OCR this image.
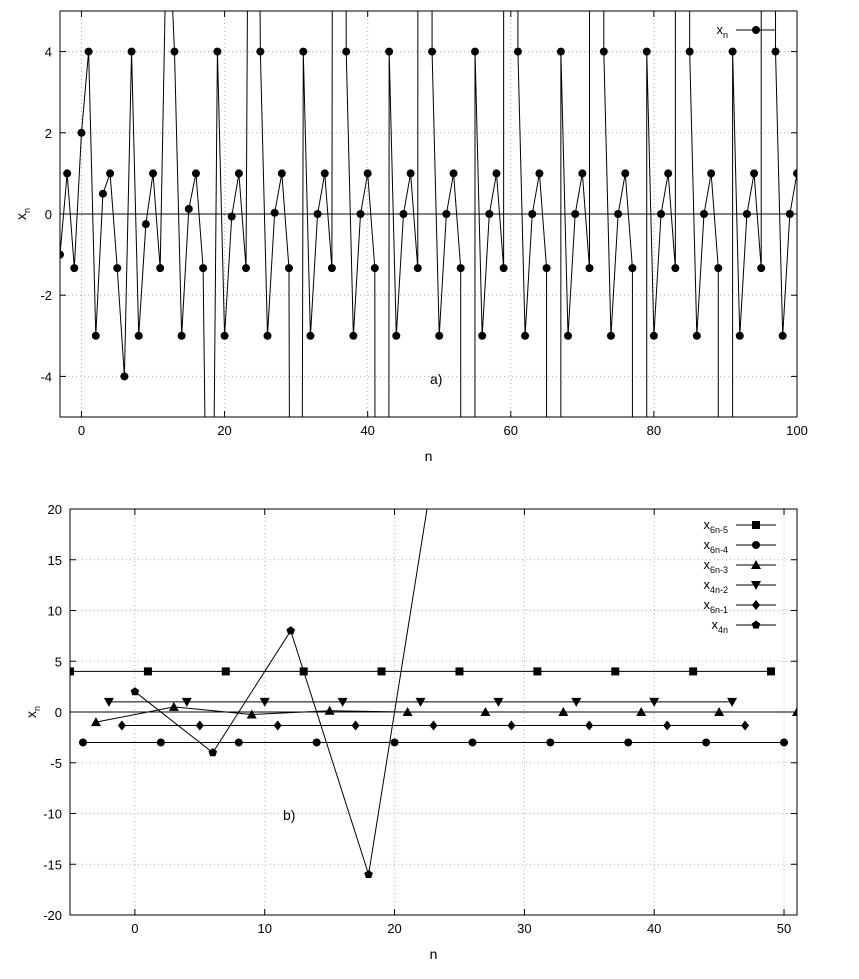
0	20	40	60	80	100
-4
-2
0
2
4
n
$x_n$
$x_n$
a)
0	10	20	30	40	50
-20
-15
-10
-5
0
5
10
15
20
n
$x_n$
$x_{6n-5}$
$x_{6n-4}$
$x_{6n-3}$
$x_{4n-2}$
$x_{6n-1}$
$x_{4n}$
b)
